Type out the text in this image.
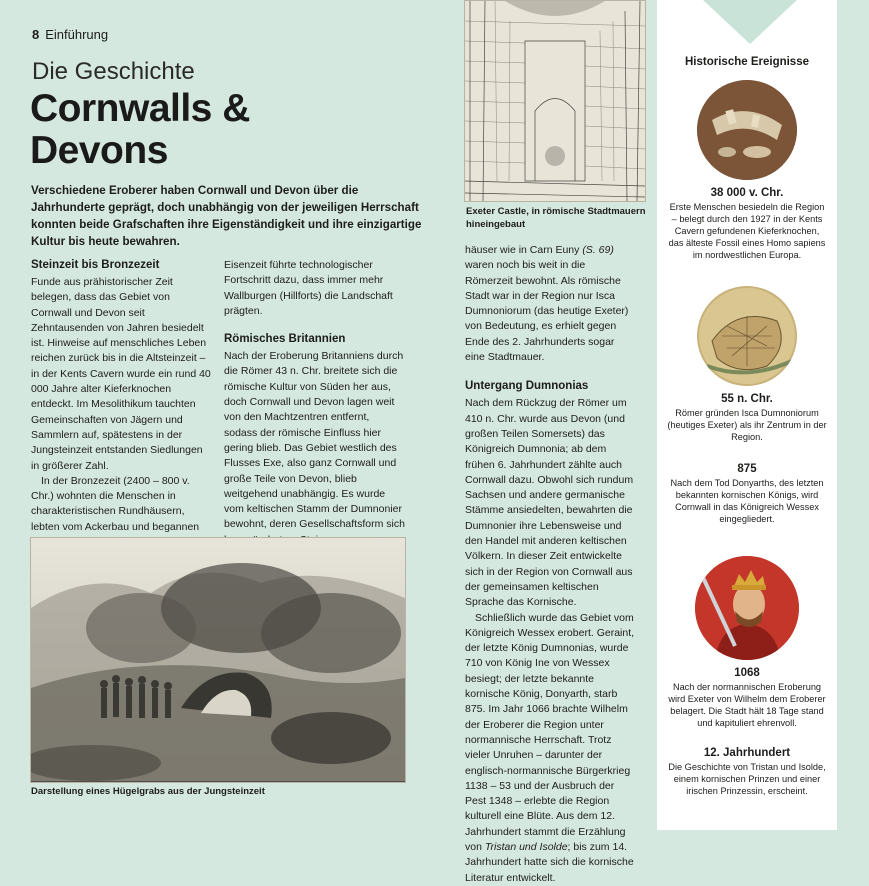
8 Einführung
Die Geschichte
Cornwalls &
Devons
Verschiedene Eroberer haben Cornwall und Devon über die Jahrhunderte geprägt, doch unabhängig von der jeweiligen Herrschaft konnten beide Grafschaften ihre Eigenständigkeit und ihre einzigartige Kultur bis heute bewahren.
Steinzeit bis Bronzezeit

Funde aus prähistorischer Zeit belegen, dass das Gebiet von Cornwall und Devon seit Zehntausenden von Jahren besiedelt ist. Hinweise auf menschliches Leben reichen zurück bis in die Altsteinzeit – in der Kents Cavern wurde ein rund 40 000 Jahre alter Kieferknochen entdeckt. Im Mesolithikum tauchten Gemeinschaften von Jägern und Sammlern auf, spätestens in der Jungsteinzeit entstanden Siedlungen in größerer Zahl.

In der Bronzezeit (2400 – 800 v. Chr.) wohnten die Menschen in charakteristischen Rundhäusern, lebten vom Ackerbau und begannen

Eisenzeit führte technologischer Fortschritt dazu, dass immer mehr Wallburgen (Hillforts) die Landschaft prägten.

Römisches Britannien

Nach der Eroberung Britanniens durch die Römer 43 n. Chr. breitete sich die römische Kultur von Süden her aus, doch Cornwall und Devon lagen weit von den Machtzentren entfernt, sodass der römische Einfluss hier gering blieb. Das Gebiet westlich des Flusses Exe, also ganz Cornwall und große Teile von Devon, blieb weitgehend unabhängig. Es wurde vom keltischen Stamm der Dumnonier bewohnt, deren Gesellschaftsform sich

Exeter Castle, in römische Stadtmauern hineingebaut

häuser wie in Carn Euny (S. 69) waren noch bis weit in die Römerzeit bewohnt. Als römische Stadt war in der Region nur Isca Dumnoniorum (das heutige Exeter) von Bedeutung, es erhielt gegen Ende des 2. Jahrhunderts sogar eine Stadtmauer.

Untergang Dumnonias

Nach dem Rückzug der Römer um 410 n. Chr. wurde aus Devon (und großen Teilen Somersets) das Königreich Dumnonia; ab dem frühen 6. Jahrhundert zählte auch Cornwall dazu. Obwohl sich rundum Sachsen und andere germanische Stämme ansiedelten, bewahrten die Dumnonier ihre Lebensweise und den Handel mit anderen keltischen Völkern. In dieser Zeit entwickelte sich in der Region von Cornwall aus der gemeinsamen keltischen Sprache das Kornische.

Schließlich wurde das Gebiet vom Königreich Wessex erobert. Geraint, der letzte König Dumnonias, wurde 710 von König Ine von Wessex besiegt; der letzte bekannte kornische König, Donyarth, starb 875. Im Jahr 1066 brachte Wilhelm der Eroberer die Region unter normannische Herrschaft. Trotz vieler Unruhen – darunter der englisch-normannische Bürgerkrieg 1138 – 53 und der Ausbruch der Pest 1348 – erlebte die Region kulturell eine Blüte. Aus dem 12. Jahrhundert stammt die Erzählung von Tristan und Isolde; bis zum 14. Jahrhundert hatte sich die kornische Literatur entwickelt.

Darstellung eines Hügelgrabs aus der Jungsteinzeit
Historische Ereignisse
38 000 v. Chr.
Erste Menschen besiedeln die Region – belegt durch den 1927 in der Kents Cavern gefundenen Kieferknochen, das älteste Fossil eines Homo sapiens im nordwestlichen Europa.
55 n. Chr.
Römer gründen Isca Dumnoniorum (heutiges Exeter) als ihr Zentrum in der Region.
875
Nach dem Tod Donyarths, des letzten bekannten kornischen Königs, wird Cornwall in das Königreich Wessex eingegliedert.
1068
Nach der normannischen Eroberung wird Exeter von Wilhelm dem Eroberer belagert. Die Stadt hält 18 Tage stand und kapituliert ehrenvoll.
12. Jahrhundert
Die Geschichte von Tristan und Isolde, einem kornischen Prinzen und einer irischen Prinzessin, erscheint.
